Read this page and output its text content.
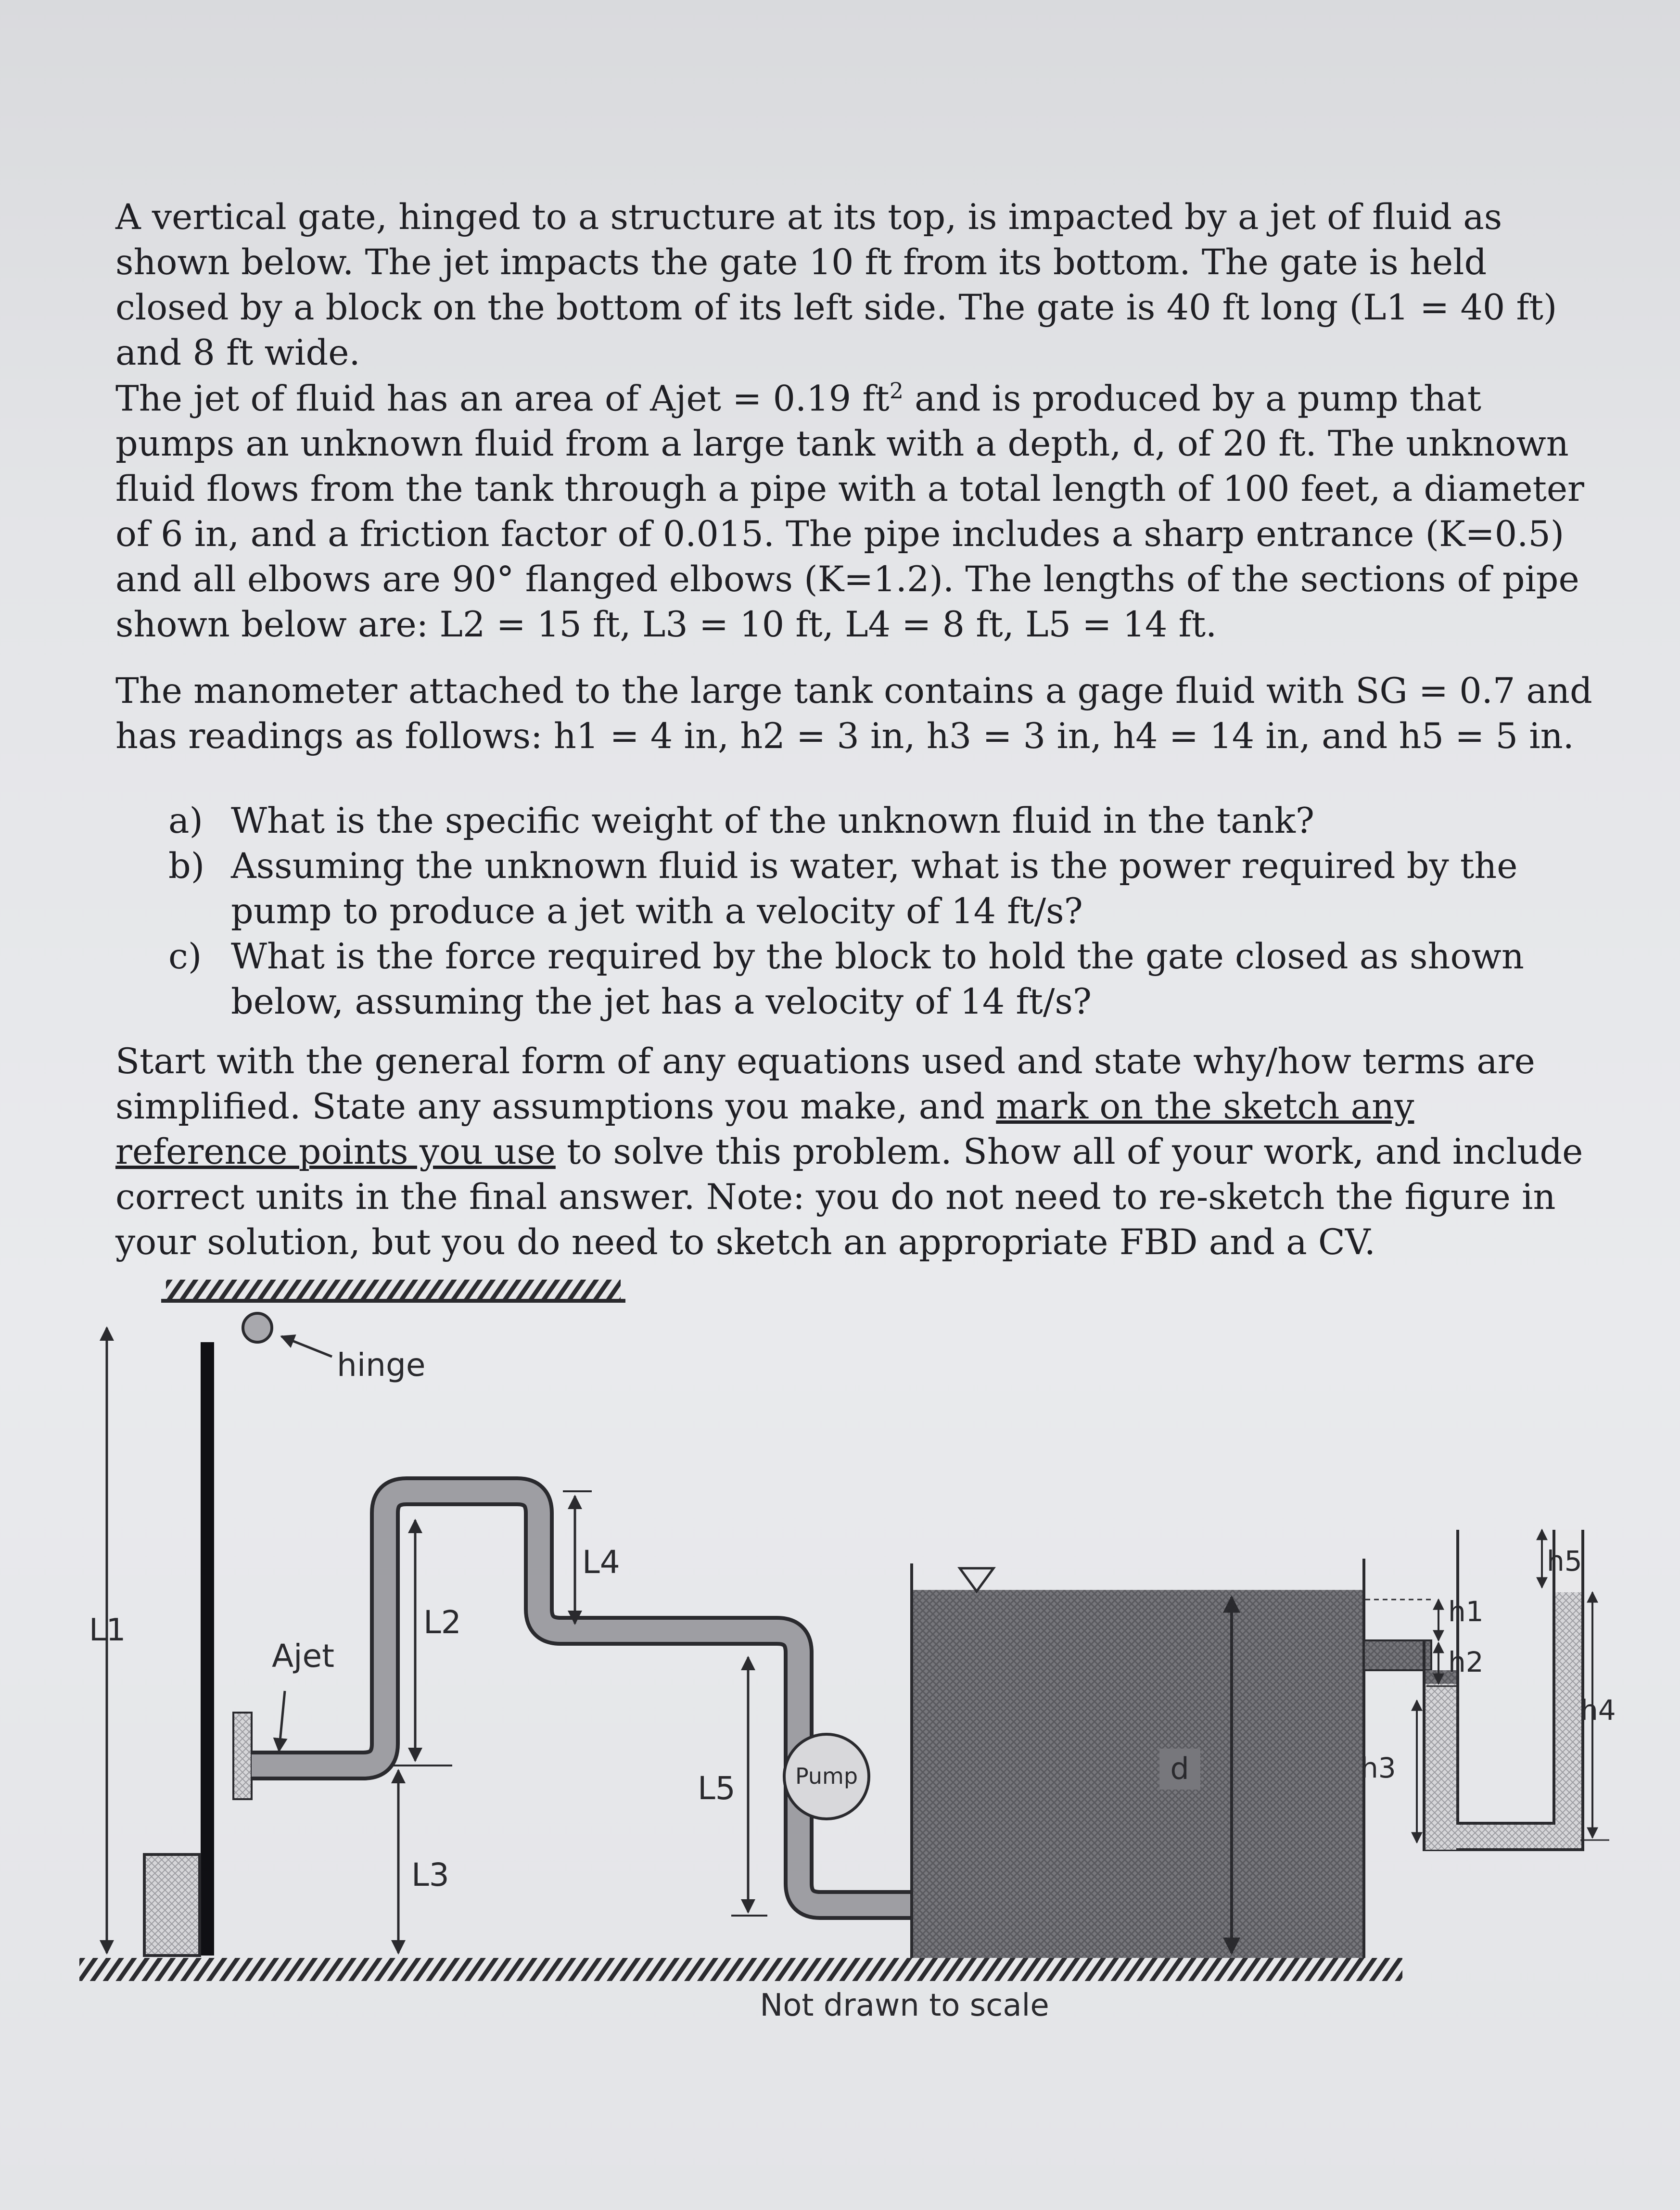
A vertical gate, hinged to a structure at its top, is impacted by a jet of fluid as shown below. The jet impacts the gate 10 ft from its bottom. The gate is held closed by a block on the bottom of its left side. The gate is 40 ft long (L1 = 40 ft) and 8 ft wide.

The jet of fluid has an area of Ajet = 0.19 $ft^2$ and is produced by a pump that pumps an unknown fluid from a large tank with a depth, d, of 20 ft. The unknown fluid flows from the tank through a pipe with a total length of 100 feet, a diameter of 6 in, and a friction factor of 0.015. The pipe includes a sharp entrance (K=0.5) and all elbows are 90° flanged elbows (K=1.2). The lengths of the sections of pipe shown below are: L2 = 15 ft, L3 = 10 ft, L4 = 8 ft, L5 = 14 ft.

The manometer attached to the large tank contains a gage fluid with SG = 0.7 and has readings as follows: h1 = 4 in, h2 = 3 in, h3 = 3 in, h4 = 14 in, and h5 = 5 in.

a) What is the specific weight of the unknown fluid in the tank?
b) Assuming the unknown fluid is water, what is the power required by the pump to produce a jet with a velocity of 14 ft/s?
c) What is the force required by the block to hold the gate closed as shown below, assuming the jet has a velocity of 14 ft/s?

Start with the general form of any equations used and state why/how terms are simplified. State any assumptions you make, and mark on the sketch any reference points you use to solve this problem. Show all of your work, and include correct units in the final answer. Note: you do not need to re-sketch the figure in your solution, but you do need to sketch an appropriate FBD and a CV.

L1
hinge
Ajet
Pump
L2
L3
L4
L5
d
h1
h2
h3
h5
h4
Not drawn to scale
